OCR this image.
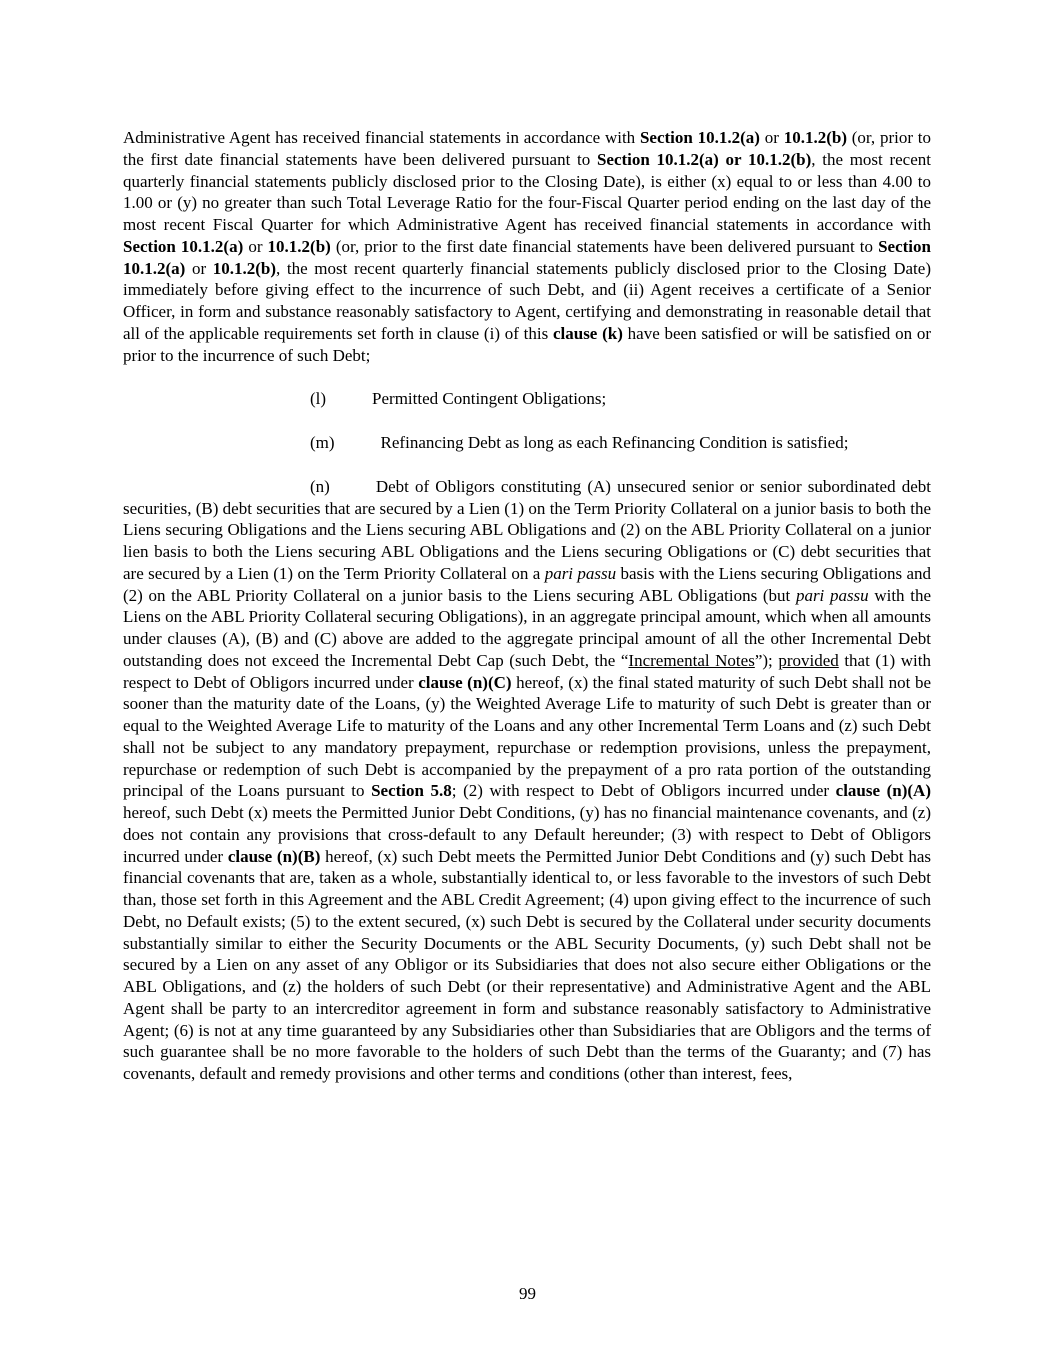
Administrative Agent has received financial statements in accordance with Section 10.1.2(a) or 10.1.2(b) (or, prior to the first date financial statements have been delivered pursuant to Section 10.1.2(a) or 10.1.2(b), the most recent quarterly financial statements publicly disclosed prior to the Closing Date), is either (x) equal to or less than 4.00 to 1.00 or (y) no greater than such Total Leverage Ratio for the four-Fiscal Quarter period ending on the last day of the most recent Fiscal Quarter for which Administrative Agent has received financial statements in accordance with Section 10.1.2(a) or 10.1.2(b) (or, prior to the first date financial statements have been delivered pursuant to Section 10.1.2(a) or 10.1.2(b), the most recent quarterly financial statements publicly disclosed prior to the Closing Date) immediately before giving effect to the incurrence of such Debt, and (ii) Agent receives a certificate of a Senior Officer, in form and substance reasonably satisfactory to Agent, certifying and demonstrating in reasonable detail that all of the applicable requirements set forth in clause (i) of this clause (k) have been satisfied or will be satisfied on or prior to the incurrence of such Debt;

(l)	Permitted Contingent Obligations;

(m)	Refinancing Debt as long as each Refinancing Condition is satisfied;

(n)	Debt of Obligors constituting (A) unsecured senior or senior subordinated debt securities, (B) debt securities that are secured by a Lien (1) on the Term Priority Collateral on a junior basis to both the Liens securing Obligations and the Liens securing ABL Obligations and (2) on the ABL Priority Collateral on a junior lien basis to both the Liens securing ABL Obligations and the Liens securing Obligations or (C) debt securities that are secured by a Lien (1) on the Term Priority Collateral on a pari passu basis with the Liens securing Obligations and (2) on the ABL Priority Collateral on a junior basis to the Liens securing ABL Obligations (but pari passu with the Liens on the ABL Priority Collateral securing Obligations), in an aggregate principal amount, which when all amounts under clauses (A), (B) and (C) above are added to the aggregate principal amount of all the other Incremental Debt outstanding does not exceed the Incremental Debt Cap (such Debt, the “Incremental Notes”); provided that (1) with respect to Debt of Obligors incurred under clause (n)(C) hereof, (x) the final stated maturity of such Debt shall not be sooner than the maturity date of the Loans, (y) the Weighted Average Life to maturity of such Debt is greater than or equal to the Weighted Average Life to maturity of the Loans and any other Incremental Term Loans and (z) such Debt shall not be subject to any mandatory prepayment, repurchase or redemption provisions, unless the prepayment, repurchase or redemption of such Debt is accompanied by the prepayment of a pro rata portion of the outstanding principal of the Loans pursuant to Section 5.8; (2) with respect to Debt of Obligors incurred under clause (n)(A) hereof, such Debt (x) meets the Permitted Junior Debt Conditions, (y) has no financial maintenance covenants, and (z) does not contain any provisions that cross-default to any Default hereunder; (3) with respect to Debt of Obligors incurred under clause (n)(B) hereof, (x) such Debt meets the Permitted Junior Debt Conditions and (y) such Debt has financial covenants that are, taken as a whole, substantially identical to, or less favorable to the investors of such Debt than, those set forth in this Agreement and the ABL Credit Agreement; (4) upon giving effect to the incurrence of such Debt, no Default exists; (5) to the extent secured, (x) such Debt is secured by the Collateral under security documents substantially similar to either the Security Documents or the ABL Security Documents, (y) such Debt shall not be secured by a Lien on any asset of any Obligor or its Subsidiaries that does not also secure either Obligations or the ABL Obligations, and (z) the holders of such Debt (or their representative) and Administrative Agent and the ABL Agent shall be party to an intercreditor agreement in form and substance reasonably satisfactory to Administrative Agent; (6) is not at any time guaranteed by any Subsidiaries other than Subsidiaries that are Obligors and the terms of such guarantee shall be no more favorable to the holders of such Debt than the terms of the Guaranty; and (7) has covenants, default and remedy provisions and other terms and conditions (other than interest, fees,

99
